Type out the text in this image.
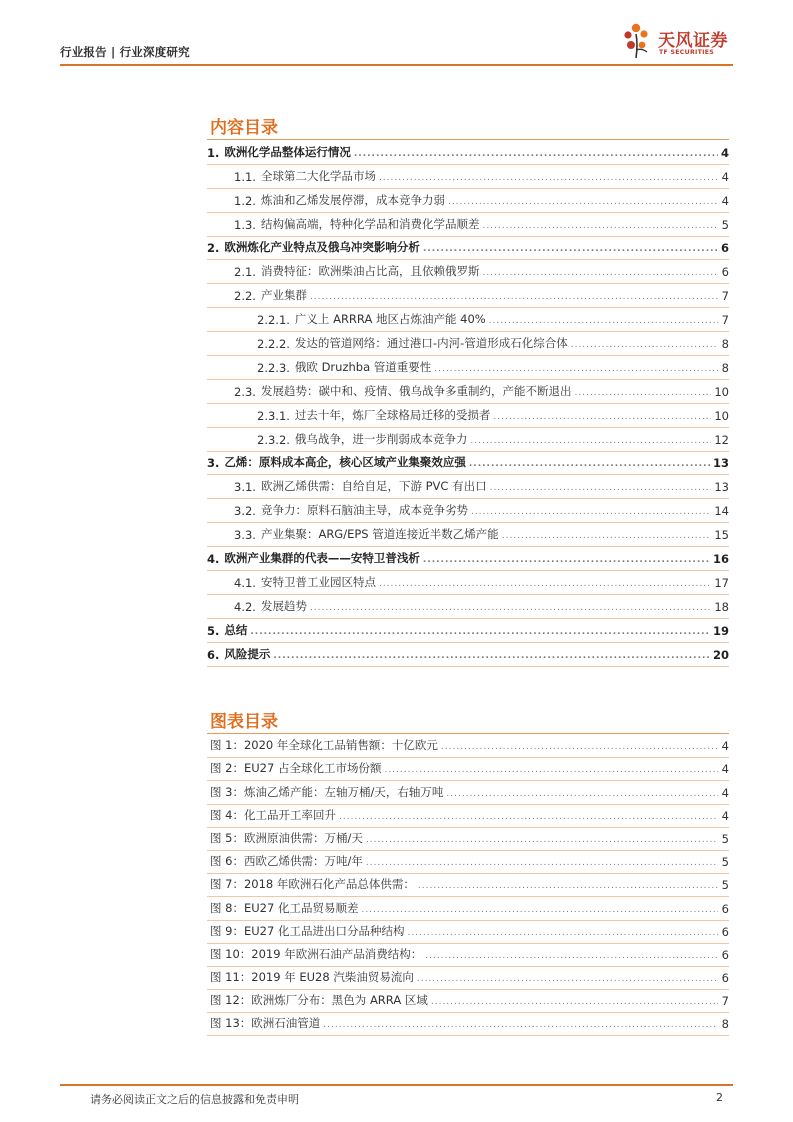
行业报告 | 行业深度研究
天风证券
TF SECURITIES
内容目录
1. 欧洲化学品整体运行情况 .....	4
1.1. 全球第二大化学品市场 .....	4
1.2. 炼油和乙烯发展停滞，成本竞争力弱 .....	4
1.3. 结构偏高端，特种化学品和消费化学品顺差 .....	5
2. 欧洲炼化产业特点及俄乌冲突影响分析 .....	6
2.1. 消费特征：欧洲柴油占比高，且依赖俄罗斯 .....	6
2.2. 产业集群 .....	7
2.2.1. 广义上 ARRRA 地区占炼油产能 40% .....	7
2.2.2. 发达的管道网络：通过港口-内河-管道形成石化综合体 .....	8
2.2.3. 俄欧 Druzhba 管道重要性 .....	8
2.3. 发展趋势：碳中和、疫情、俄乌战争多重制约，产能不断退出 .....	10
2.3.1. 过去十年，炼厂全球格局迁移的受损者 .....	10
2.3.2. 俄乌战争，进一步削弱成本竞争力 .....	12
3. 乙烯：原料成本高企，核心区域产业集聚效应强 .....	13
3.1. 欧洲乙烯供需：自给自足，下游 PVC 有出口 .....	13
3.2. 竞争力：原料石脑油主导，成本竞争劣势 .....	14
3.3. 产业集聚：ARG/EPS 管道连接近半数乙烯产能 .....	15
4. 欧洲产业集群的代表——安特卫普浅析 .....	16
4.1. 安特卫普工业园区特点 .....	17
4.2. 发展趋势 .....	18
5. 总结 .....	19
6. 风险提示 .....	20
图表目录
图 1：2020 年全球化工品销售额：十亿欧元 .....	4
图 2：EU27 占全球化工市场份额 .....	4
图 3：炼油乙烯产能：左轴万桶/天，右轴万吨 .....	4
图 4：化工品开工率回升 .....	4
图 5：欧洲原油供需：万桶/天 .....	5
图 6：西欧乙烯供需：万吨/年 .....	5
图 7：2018 年欧洲石化产品总体供需： .....	5
图 8：EU27 化工品贸易顺差 .....	6
图 9：EU27 化工品进出口分品种结构 .....	6
图 10：2019 年欧洲石油产品消费结构： .....	6
图 11：2019 年 EU28 汽柴油贸易流向 .....	6
图 12：欧洲炼厂分布：黑色为 ARRA 区域 .....	7
图 13：欧洲石油管道 .....	8
请务必阅读正文之后的信息披露和免责申明	2
